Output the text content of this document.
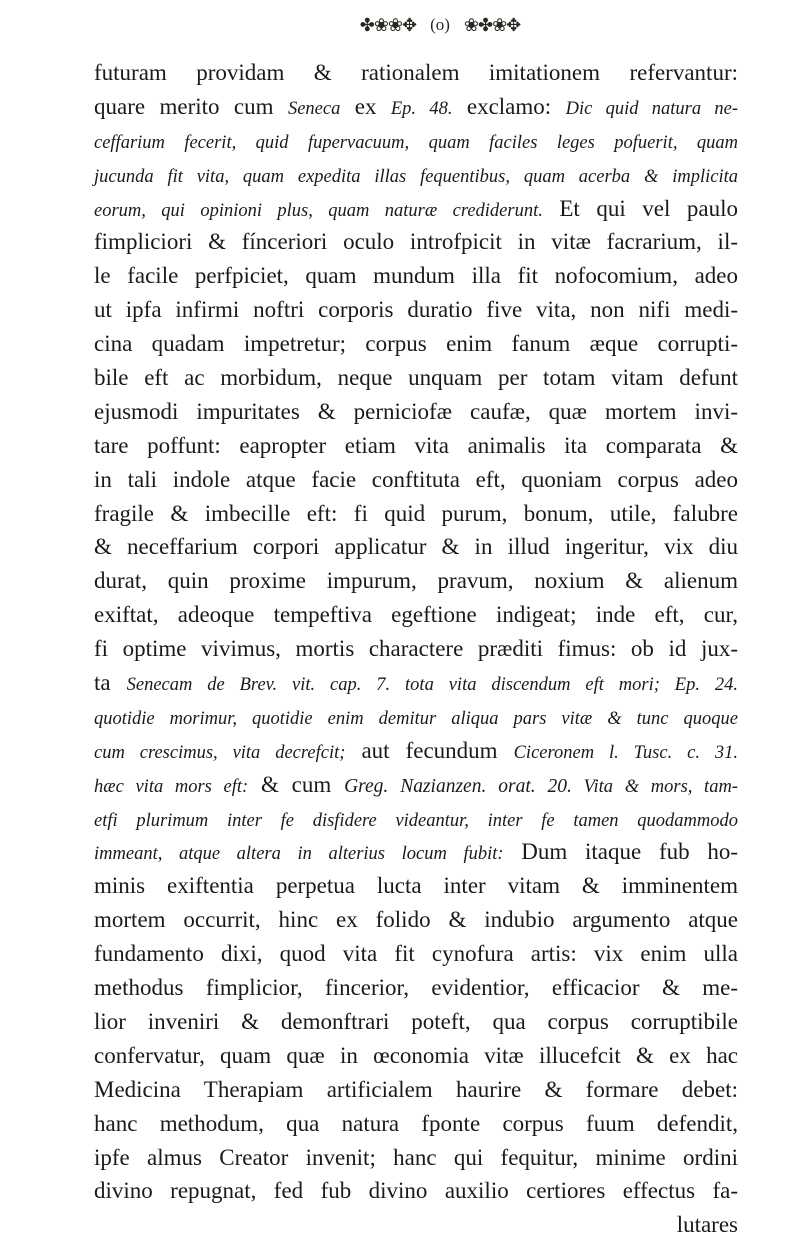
✤❀❀✥ (o) ❀✤❀✥
futuram providam & rationalem imitationem refervantur:
quare merito cum Seneca ex Ep. 48. exclamo: Dic quid natura ne-
ceffarium fecerit, quid fupervacuum, quam faciles leges pofuerit, quam
jucunda fit vita, quam expedita illas fequentibus, quam acerba & implicita
eorum, qui opinioni plus, quam naturæ crediderunt. Et qui vel paulo
fimpliciori & fínceriori oculo introfpicit in vitæ facrarium, il-
le facile perfpiciet, quam mundum illa fit nofocomium, adeo
ut ipfa infirmi noftri corporis duratio five vita, non nifi medi-
cina quadam impetretur; corpus enim fanum æque corrupti-
bile eft ac morbidum, neque unquam per totam vitam defunt
ejusmodi impuritates & perniciofæ caufæ, quæ mortem invi-
tare poffunt: eapropter etiam vita animalis ita comparata &
in tali indole atque facie conftituta eft, quoniam corpus adeo
fragile & imbecille eft: fi quid purum, bonum, utile, falubre
& neceffarium corpori applicatur & in illud ingeritur, vix diu
durat, quin proxime impurum, pravum, noxium & alienum
exiftat, adeoque tempeftiva egeftione indigeat; inde eft, cur,
fi optime vivimus, mortis charactere præditi fimus: ob id jux-
ta Senecam de Brev. vit. cap. 7. tota vita discendum eft mori; Ep. 24.
quotidie morimur, quotidie enim demitur aliqua pars vitæ & tunc quoque
cum crescimus, vita decrefcit; aut fecundum Ciceronem l. Tusc. c. 31.
hæc vita mors eft: & cum Greg. Nazianzen. orat. 20. Vita & mors, tam-
etfi plurimum inter fe disfidere videantur, inter fe tamen quodammodo
immeant, atque altera in alterius locum fubit: Dum itaque fub ho-
minis exiftentia perpetua lucta inter vitam & imminentem
mortem occurrit, hinc ex folido & indubio argumento atque
fundamento dixi, quod vita fit cynofura artis: vix enim ulla
methodus fimplicior, fincerior, evidentior, efficacior & me-
lior inveniri & demonftrari poteft, qua corpus corruptibile
confervatur, quam quæ in œconomia vitæ illucefcit & ex hac
Medicina Therapiam artificialem haurire & formare debet:
hanc methodum, qua natura fponte corpus fuum defendit,
ipfe almus Creator invenit; hanc qui fequitur, minime ordini
divino repugnat, fed fub divino auxilio certiores effectus fa-
lutares
